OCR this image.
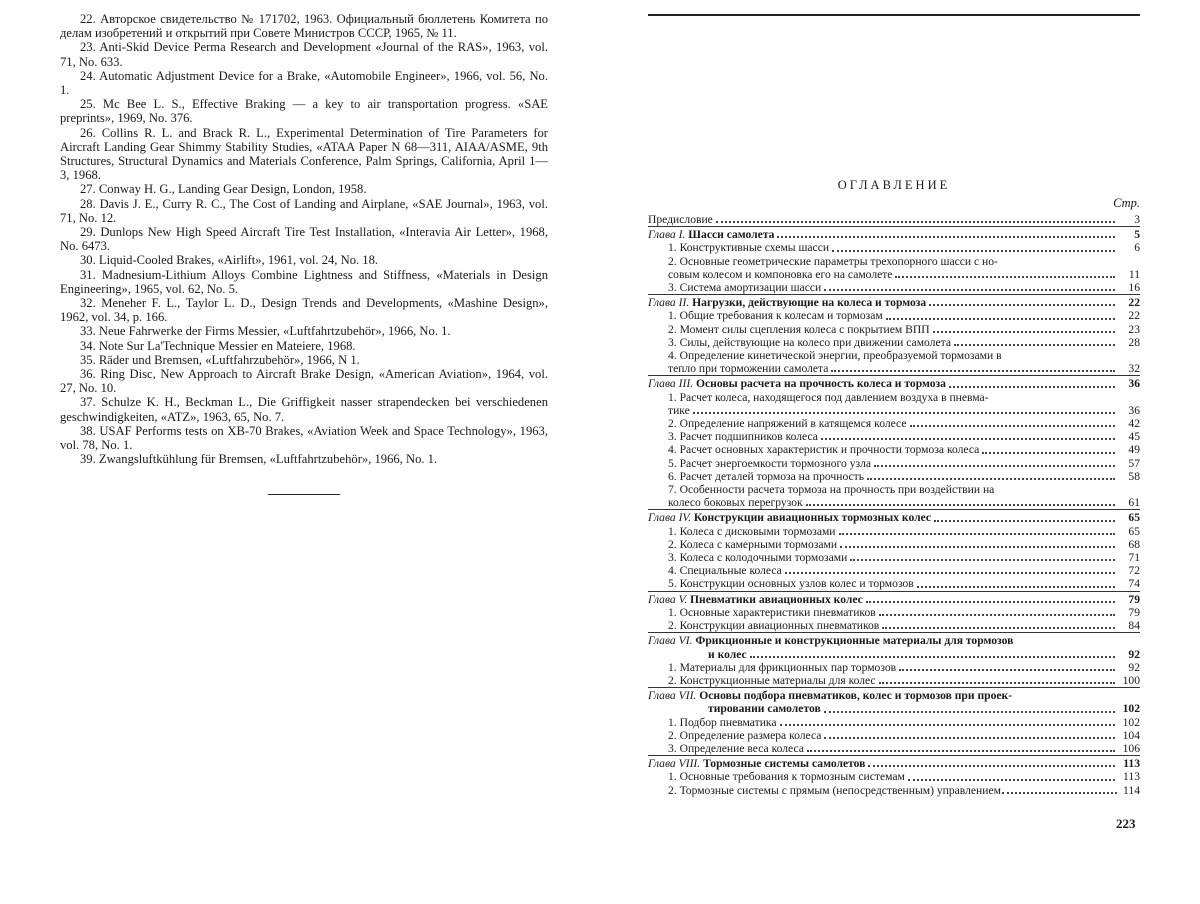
22. Авторское свидетельство № 171702, 1963. Официальный бюллетень Комитета по делам изобретений и открытий при Совете Министров СССР, 1965, № 11.

23. Anti-Skid Device Perma Research and Development «Journal of the RAS», 1963, vol. 71, No. 633.

24. Automatic Adjustment Device for a Brake, «Automobile Engineer», 1966, vol. 56, No. 1.

25. Mc Bee L. S., Effective Braking — a key to air transportation progress. «SAE preprints», 1969, No. 376.

26. Collins R. L. and Brack R. L., Experimental Determination of Tire Parameters for Aircraft Landing Gear Shimmy Stability Studies, «ATAA Paper N 68—311, AIAA/ASME, 9th Structures, Structural Dynamics and Materials Conference, Palm Springs, California, April 1—3, 1968.

27. Conway H. G., Landing Gear Design, London, 1958.

28. Davis J. E., Curry R. C., The Cost of Landing and Airplane, «SAE Journal», 1963, vol. 71, No. 12.

29. Dunlops New High Speed Aircraft Tire Test Installation, «Interavia Air Letter», 1968, No. 6473.

30. Liquid-Cooled Brakes, «Airlift», 1961, vol. 24, No. 18.

31. Madnesium-Lithium Alloys Combine Lightness and Stiffness, «Materials in Design Engineering», 1965, vol. 62, No. 5.

32. Meneher F. L., Taylor L. D., Design Trends and Developments, «Mashine Design», 1962, vol. 34, p. 166.

33. Neue Fahrwerke der Firms Messier, «Luftfahrtzubehör», 1966, No. 1.

34. Note Sur La'Technique Messier en Mateiere, 1968.

35. Räder und Bremsen, «Luftfahrzubehör», 1966, N 1.

36. Ring Disc, New Approach to Aircraft Brake Design, «American Aviation», 1964, vol. 27, No. 10.

37. Schulze K. H., Beckman L., Die Griffigkeit nasser strapendecken bei verschiedenen geschwindigkeiten, «ATZ», 1963, 65, No. 7.

38. USAF Performs tests on XB-70 Brakes, «Aviation Week and Space Technology», 1963, vol. 78, No. 1.

39. Zwangsluftkühlung für Bremsen, «Luftfahrtzubehör», 1966, No. 1.

ОГЛАВЛЕНИЕ
Стр.
Предисловие	3
Глава I. Шасси самолета	5
1. Конструктивные схемы шасси	6
2. Основные геометрические параметры трехопорного шасси с но-
совым колесом и компоновка его на самолете	11
3. Система амортизации шасси	16
Глава II. Нагрузки, действующие на колеса и тормоза	22
1. Общие требования к колесам и тормозам	22
2. Момент силы сцепления колеса с покрытием ВПП	23
3. Силы, действующие на колесо при движении самолета	28
4. Определение кинетической энергии, преобразуемой тормозами в
тепло при торможении самолета	32
Глава III. Основы расчета на прочность колеса и тормоза	36
1. Расчет колеса, находящегося под давлением воздуха в пневма-
тике	36
2. Определение напряжений в катящемся колесе	42
3. Расчет подшипников колеса	45
4. Расчет основных характеристик и прочности тормоза колеса	49
5. Расчет энергоемкости тормозного узла	57
6. Расчет деталей тормоза на прочность	58
7. Особенности расчета тормоза на прочность при воздействии на
колесо боковых перегрузок	61
Глава IV. Конструкции авиационных тормозных колес	65
1. Колеса с дисковыми тормозами	65
2. Колеса с камерными тормозами	68
3. Колеса с колодочными тормозами	71
4. Специальные колеса	72
5. Конструкции основных узлов колес и тормозов	74
Глава V. Пневматики авиационных колес	79
1. Основные характеристики пневматиков	79
2. Конструкции авиационных пневматиков	84
Глава VI. Фрикционные и конструкционные материалы для тормозов
и колес	92
1. Материалы для фрикционных пар тормозов	92
2. Конструкционные материалы для колес	100
Глава VII. Основы подбора пневматиков, колес и тормозов при проек-
тировании самолетов	102
1. Подбор пневматика	102
2. Определение размера колеса	104
3. Определение веса колеса	106
Глава VIII. Тормозные системы самолетов	113
1. Основные требования к тормозным системам	113
2. Тормозные системы с прямым (непосредственным) управлением	114
223
